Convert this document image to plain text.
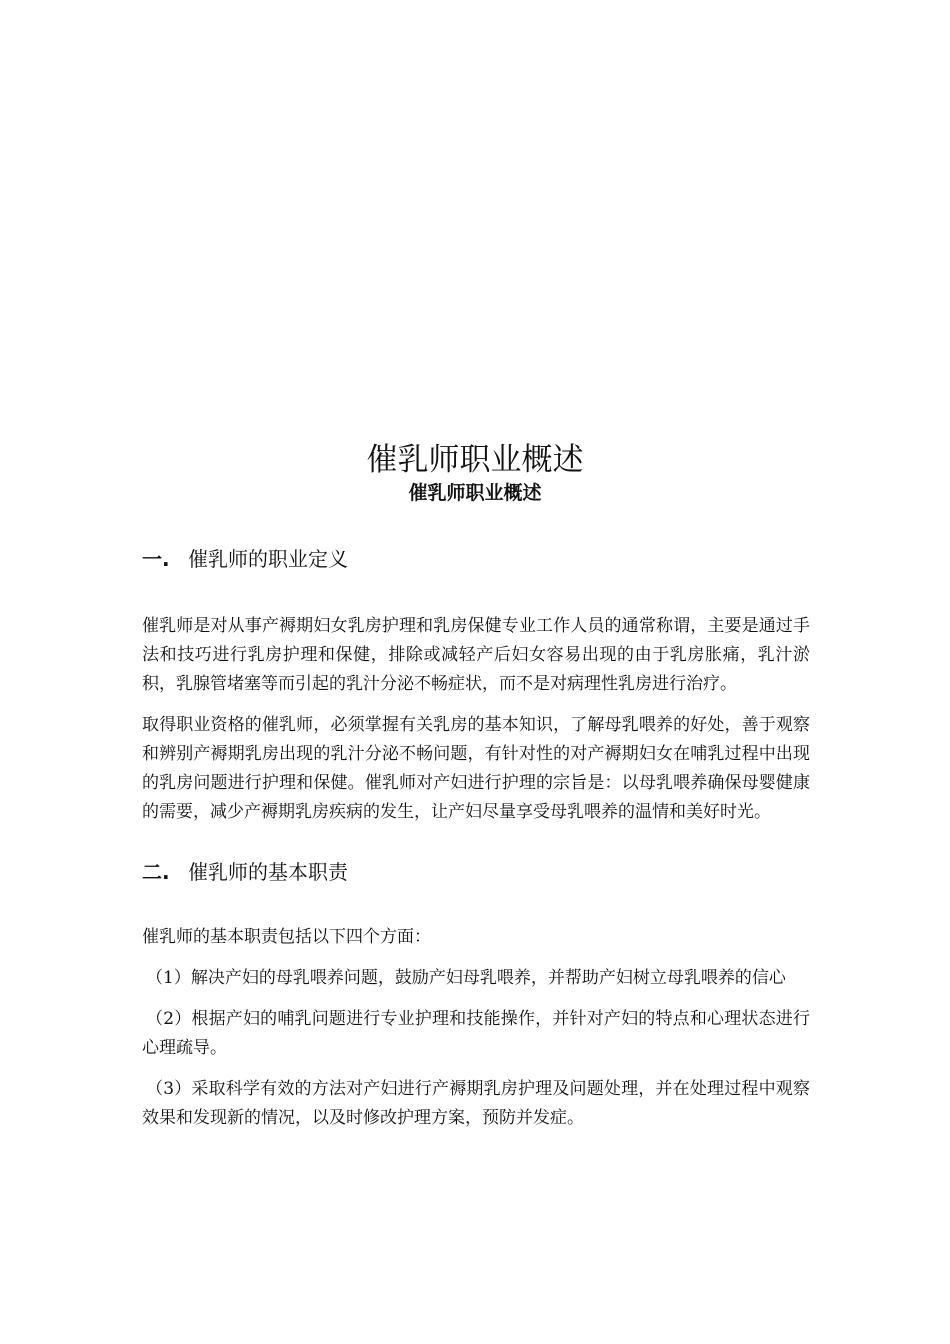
催乳师职业概述
催乳师职业概述
一. 催乳师的职业定义

催乳师是对从事产褥期妇女乳房护理和乳房保健专业工作人员的通常称谓，主要是通过手法和技巧进行乳房护理和保健，排除或减轻产后妇女容易出现的由于乳房胀痛，乳汁淤积，乳腺管堵塞等而引起的乳汁分泌不畅症状，而不是对病理性乳房进行治疗。

取得职业资格的催乳师，必须掌握有关乳房的基本知识，了解母乳喂养的好处，善于观察和辨别产褥期乳房出现的乳汁分泌不畅问题，有针对性的对产褥期妇女在哺乳过程中出现的乳房问题进行护理和保健。催乳师对产妇进行护理的宗旨是：以母乳喂养确保母婴健康的需要，减少产褥期乳房疾病的发生，让产妇尽量享受母乳喂养的温情和美好时光。

二. 催乳师的基本职责

催乳师的基本职责包括以下四个方面：

（1）解决产妇的母乳喂养问题，鼓励产妇母乳喂养，并帮助产妇树立母乳喂养的信心

（2）根据产妇的哺乳问题进行专业护理和技能操作，并针对产妇的特点和心理状态进行心理疏导。

（3）采取科学有效的方法对产妇进行产褥期乳房护理及问题处理，并在处理过程中观察效果和发现新的情况，以及时修改护理方案，预防并发症。
